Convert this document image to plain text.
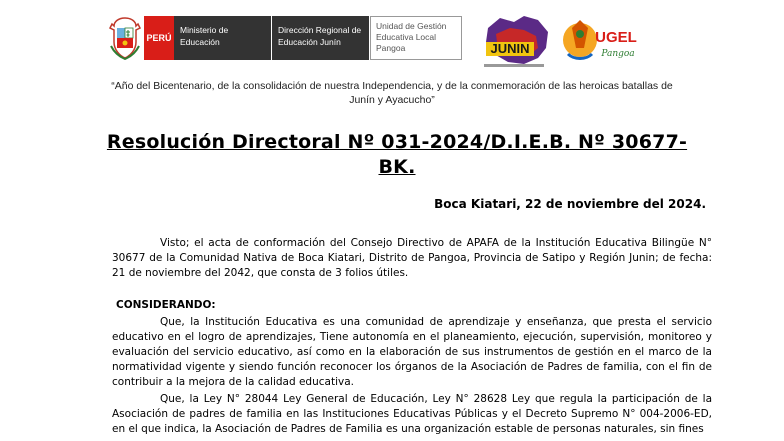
PERÚ
Ministerio de Educación
Dirección Regional de Educación Junín
Unidad de Gestión Educativa Local Pangoa	JUNIN
UGEL
Pangoa
“Año del Bicentenario, de la consolidación de nuestra Independencia, y de la conmemoración de las heroicas batallas de Junín y Ayacucho”
Resolución Directoral Nº 031-2024/D.I.E.B. Nº 30677-BK.
Boca Kiatari, 22 de noviembre del 2024.
Visto; el acta de conformación del Consejo Directivo de APAFA de la Institución Educativa Bilingüe N° 30677 de la Comunidad Nativa de Boca Kiatari, Distrito de Pangoa, Provincia de Satipo y Región Junin; de fecha: 21 de noviembre del 2042, que consta de 3 folios útiles.
CONSIDERANDO:
Que, la Institución Educativa es una comunidad de aprendizaje y enseñanza, que presta el servicio educativo en el logro de aprendizajes, Tiene autonomía en el planeamiento, ejecución, supervisión, monitoreo y evaluación del servicio educativo, así como en la elaboración de sus instrumentos de gestión en el marco de la normatividad vigente y siendo función reconocer los órganos de la Asociación de Padres de familia, con el fin de contribuir a la mejora de la calidad educativa.
Que, la Ley N° 28044 Ley General de Educación, Ley N° 28628 Ley que regula la participación de la Asociación de padres de familia en las Instituciones Educativas Públicas y el Decreto Supremo N° 004-2006-ED, en el que indica, la Asociación de Padres de Familia es una organización estable de personas naturales, sin fines
